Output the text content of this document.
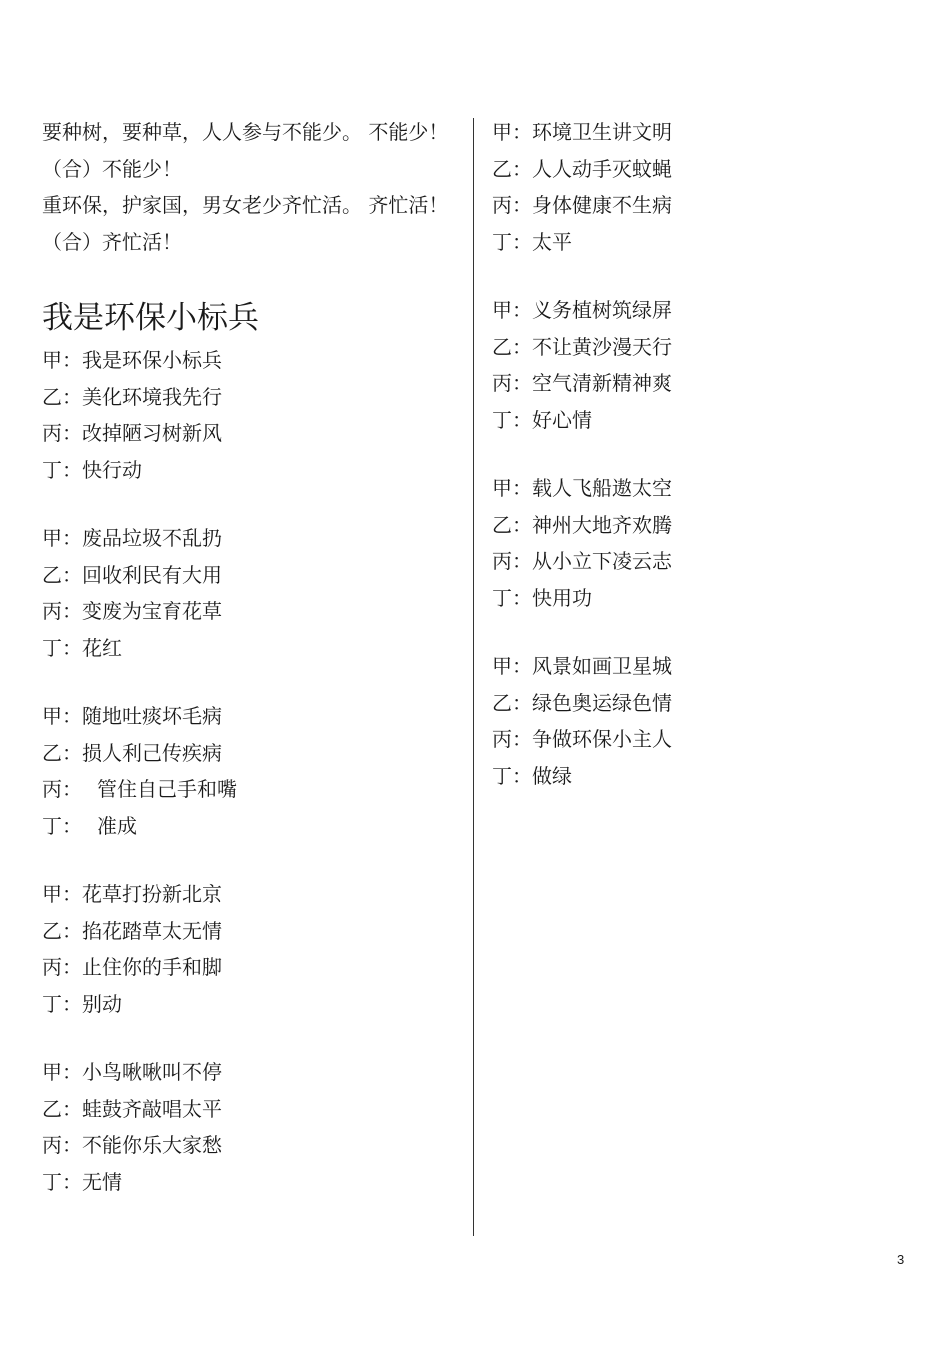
要种树，要种草，人人参与不能少。 不能少！
（合）不能少！
重环保，护家国，男女老少齐忙活。 齐忙活！
（合）齐忙活！
我是环保小标兵
甲：我是环保小标兵
乙：美化环境我先行
丙：改掉陋习树新风
丁：快行动
甲：废品垃圾不乱扔
乙：回收利民有大用
丙：变废为宝育花草
丁：花红
甲：随地吐痰坏毛病
乙：损人利己传疾病
丙： 管住自己手和嘴
丁： 准成
甲：花草打扮新北京
乙：掐花踏草太无情
丙：止住你的手和脚
丁：别动
甲：小鸟啾啾叫不停
乙：蛙鼓齐敲唱太平
丙：不能你乐大家愁
丁：无情
甲：环境卫生讲文明
乙：人人动手灭蚊蝇
丙：身体健康不生病
丁：太平
甲：义务植树筑绿屏
乙：不让黄沙漫天行
丙：空气清新精神爽
丁：好心情
甲：载人飞船遨太空
乙：神州大地齐欢腾
丙：从小立下凌云志
丁：快用功
甲：风景如画卫星城
乙：绿色奥运绿色情
丙：争做环保小主人
丁：做绿
3
